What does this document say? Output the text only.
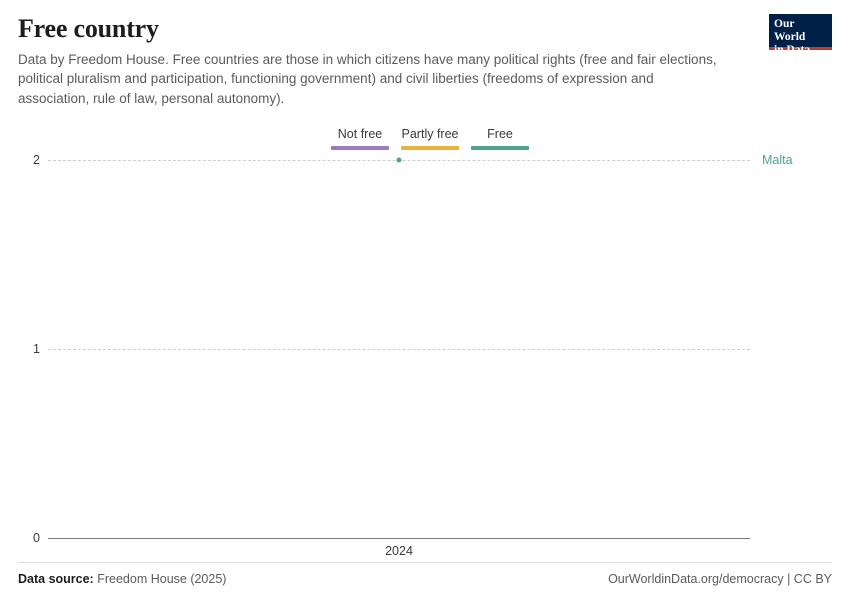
Free country

Data by Freedom House. Free countries are those in which citizens have many political rights (free and fair elections, political pluralism and participation, functioning government) and civil liberties (freedoms of expression and association, rule of law, personal autonomy).

Our World
in Data
Not free Partly free Free
0
1
2
2024
Malta
Data source: Freedom House (2025)	OurWorldinData.org/democracy | CC BY
